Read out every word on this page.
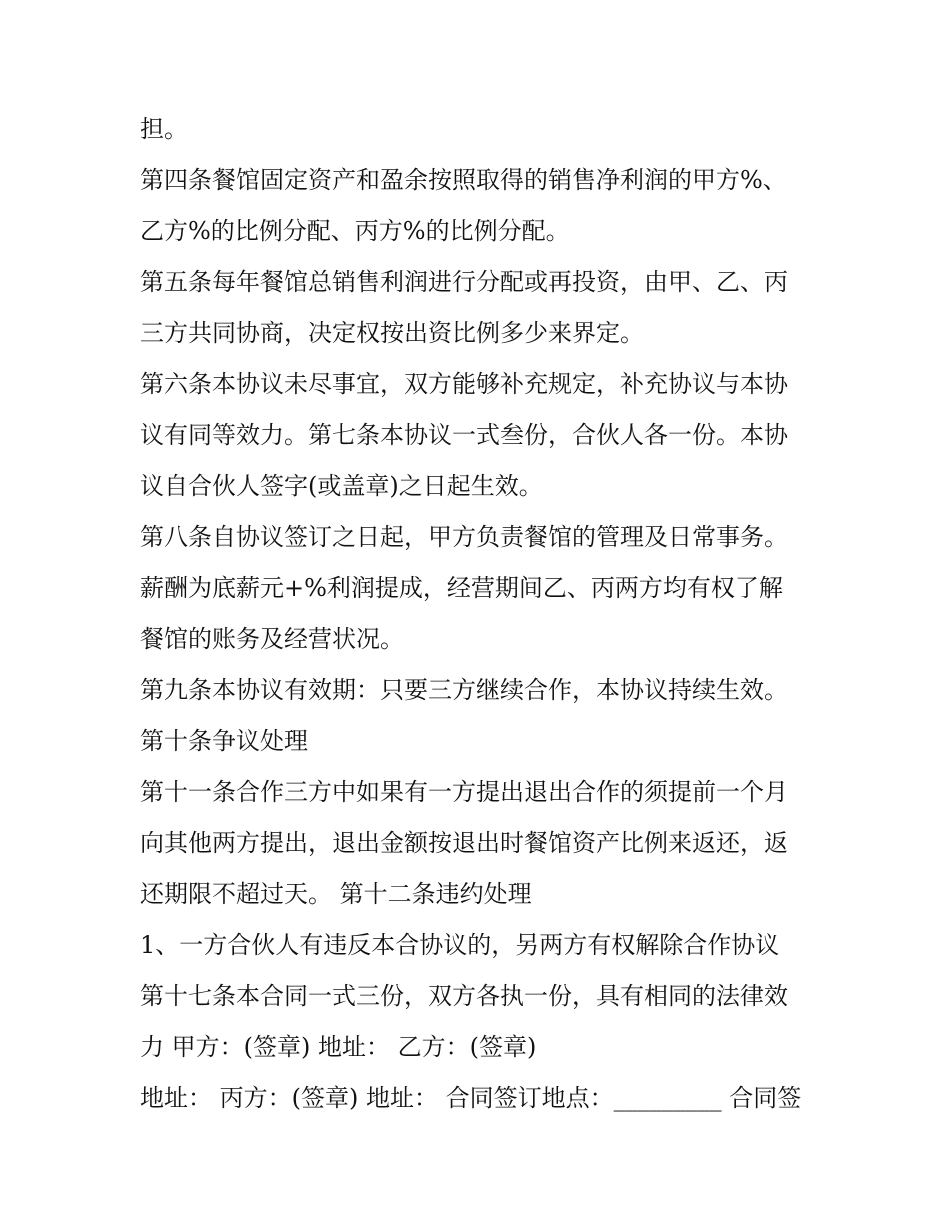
担。
第四条餐馆固定资产和盈余按照取得的销售净利润的甲方%、
乙方%的比例分配、丙方%的比例分配。
第五条每年餐馆总销售利润进行分配或再投资，由甲、乙、丙
三方共同协商，决定权按出资比例多少来界定。
第六条本协议未尽事宜，双方能够补充规定，补充协议与本协
议有同等效力。第七条本协议一式叁份，合伙人各一份。本协
议自合伙人签字(或盖章)之日起生效。
第八条自协议签订之日起，甲方负责餐馆的管理及日常事务。
薪酬为底薪元+%利润提成，经营期间乙、丙两方均有权了解
餐馆的账务及经营状况。
第九条本协议有效期：只要三方继续合作，本协议持续生效。
第十条争议处理
第十一条合作三方中如果有一方提出退出合作的须提前一个月
向其他两方提出，退出金额按退出时餐馆资产比例来返还，返
还期限不超过天。 第十二条违约处理
1、一方合伙人有违反本合协议的，另两方有权解除合作协议
第十七条本合同一式三份，双方各执一份，具有相同的法律效
力 甲方：(签章) 地址： 乙方：(签章)
地址： 丙方：(签章) 地址： 合同签订地点：_________ 合同签
